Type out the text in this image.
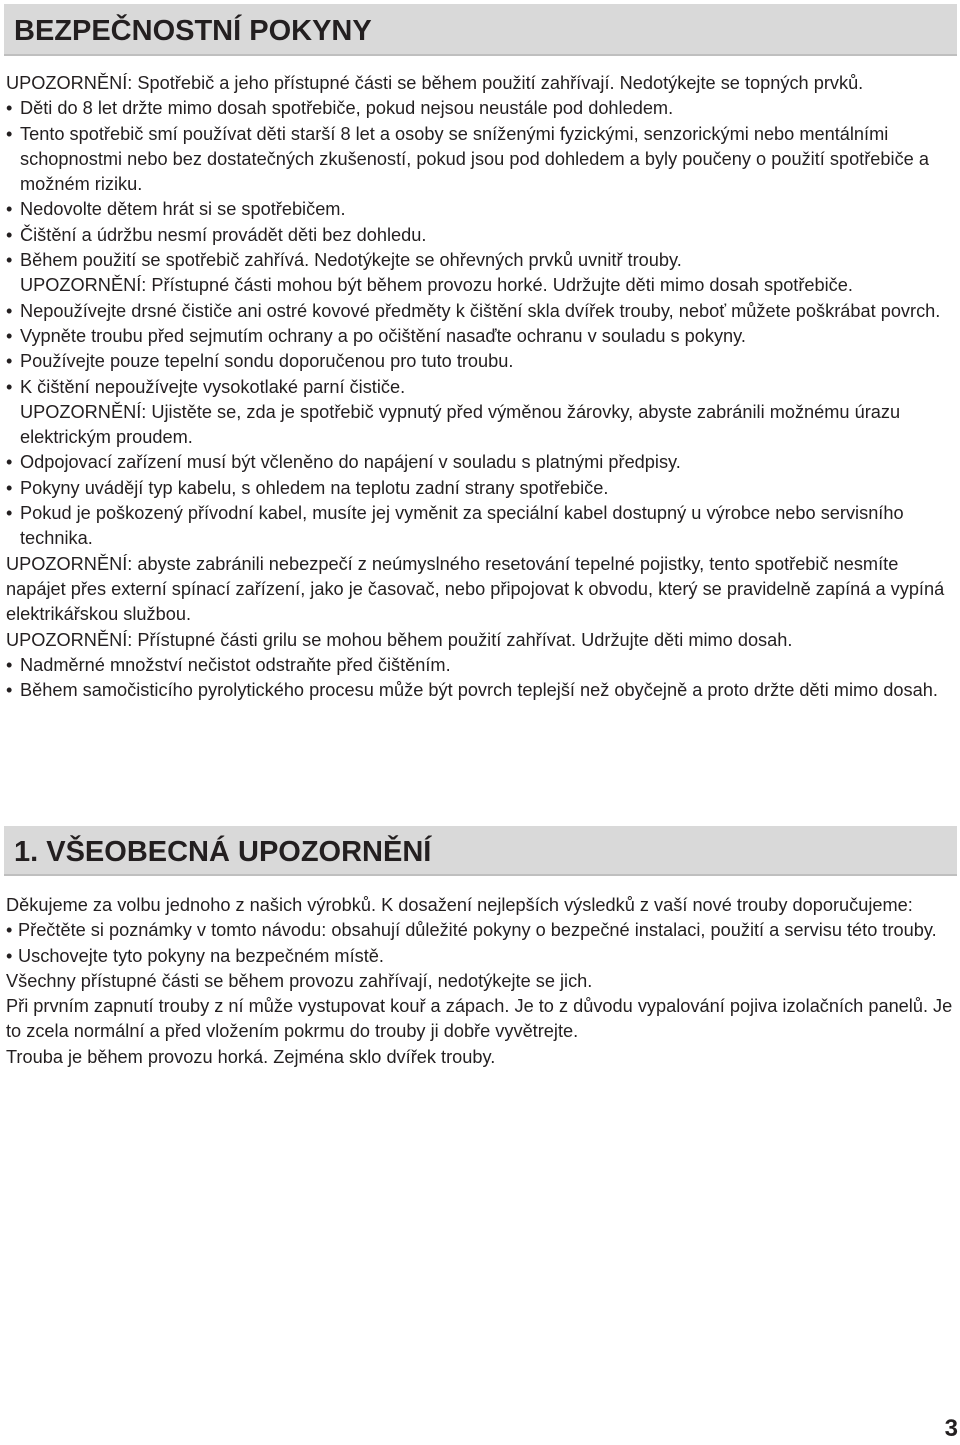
BEZPEČNOSTNÍ POKYNY
UPOZORNĚNÍ: Spotřebič a jeho přístupné části se během použití zahřívají. Nedotýkejte se topných prvků.
• Děti do 8 let držte mimo dosah spotřebiče, pokud nejsou neustále pod dohledem.
• Tento spotřebič smí používat děti starší 8 let a osoby se sníženými fyzickými, senzorickými nebo mentálními schopnostmi nebo bez dostatečných zkušeností, pokud jsou pod dohledem a byly poučeny o použití spotřebiče a možném riziku.
• Nedovolte dětem hrát si se spotřebičem.
• Čištění a údržbu nesmí provádět děti bez dohledu.
• Během použití se spotřebič zahřívá. Nedotýkejte se ohřevných prvků uvnitř trouby.
UPOZORNĚNÍ: Přístupné části mohou být během provozu horké. Udržujte děti mimo dosah spotřebiče.
• Nepoužívejte drsné čističe ani ostré kovové předměty k čištění skla dvířek trouby, neboť můžete poškrábat povrch.
• Vypněte troubu před sejmutím ochrany a po očištění nasaďte ochranu v souladu s pokyny.
• Používejte pouze tepelní sondu doporučenou pro tuto troubu.
• K čištění nepoužívejte vysokotlaké parní čističe.
UPOZORNĚNÍ: Ujistěte se, zda je spotřebič vypnutý před výměnou žárovky, abyste zabránili možnému úrazu elektrickým proudem.
• Odpojovací zařízení musí být včleněno do napájení v souladu s platnými předpisy.
• Pokyny uvádějí typ kabelu, s ohledem na teplotu zadní strany spotřebiče.
• Pokud je poškozený přívodní kabel, musíte jej vyměnit za speciální kabel dostupný u výrobce nebo servisního technika.
UPOZORNĚNÍ: abyste zabránili nebezpečí z neúmyslného resetování tepelné pojistky, tento spotřebič nesmíte napájet přes externí spínací zařízení, jako je časovač, nebo připojovat k obvodu, který se pravidelně zapíná a vypíná elektrikářskou službou.
UPOZORNĚNÍ: Přístupné části grilu se mohou během použití zahřívat. Udržujte děti mimo dosah.
• Nadměrné množství nečistot odstraňte před čištěním.
• Během samočisticího pyrolytického procesu může být povrch teplejší než obyčejně a proto držte děti mimo dosah.
1. VŠEOBECNÁ UPOZORNĚNÍ
Děkujeme za volbu jednoho z našich výrobků. K dosažení nejlepších výsledků z vaší nové trouby doporučujeme:
• Přečtěte si poznámky v tomto návodu: obsahují důležité pokyny o bezpečné instalaci, použití a servisu této trouby.
• Uschovejte tyto pokyny na bezpečném místě.
Všechny přístupné části se během provozu zahřívají, nedotýkejte se jich.
Při prvním zapnutí trouby z ní může vystupovat kouř a zápach. Je to z důvodu vypalování pojiva izolačních panelů. Je to zcela normální a před vložením pokrmu do trouby ji dobře vyvětrejte.
Trouba je během provozu horká. Zejména sklo dvířek trouby.
3
